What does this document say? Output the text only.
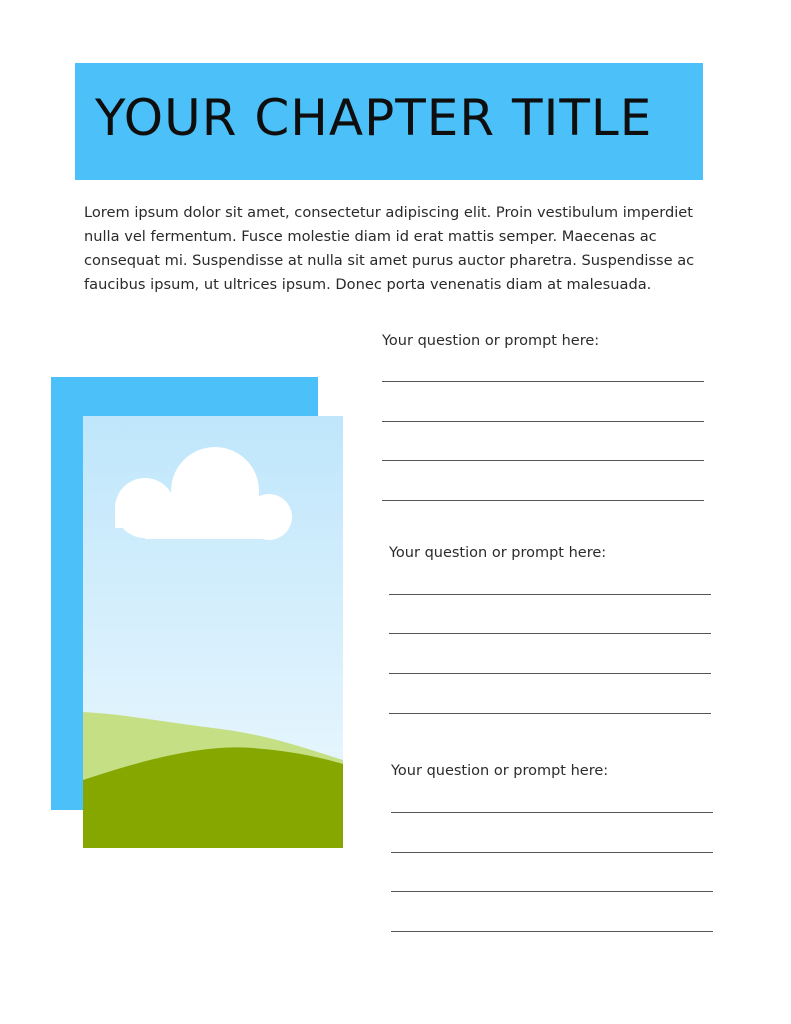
YOUR CHAPTER TITLE

Lorem ipsum dolor sit amet, consectetur adipiscing elit. Proin vestibulum imperdiet nulla vel fermentum. Fusce molestie diam id erat mattis semper. Maecenas ac consequat mi. Suspendisse at nulla sit amet purus auctor pharetra. Suspendisse ac faucibus ipsum, ut ultrices ipsum. Donec porta venenatis diam at malesuada.

Your question or prompt here:

Your question or prompt here:

Your question or prompt here:
